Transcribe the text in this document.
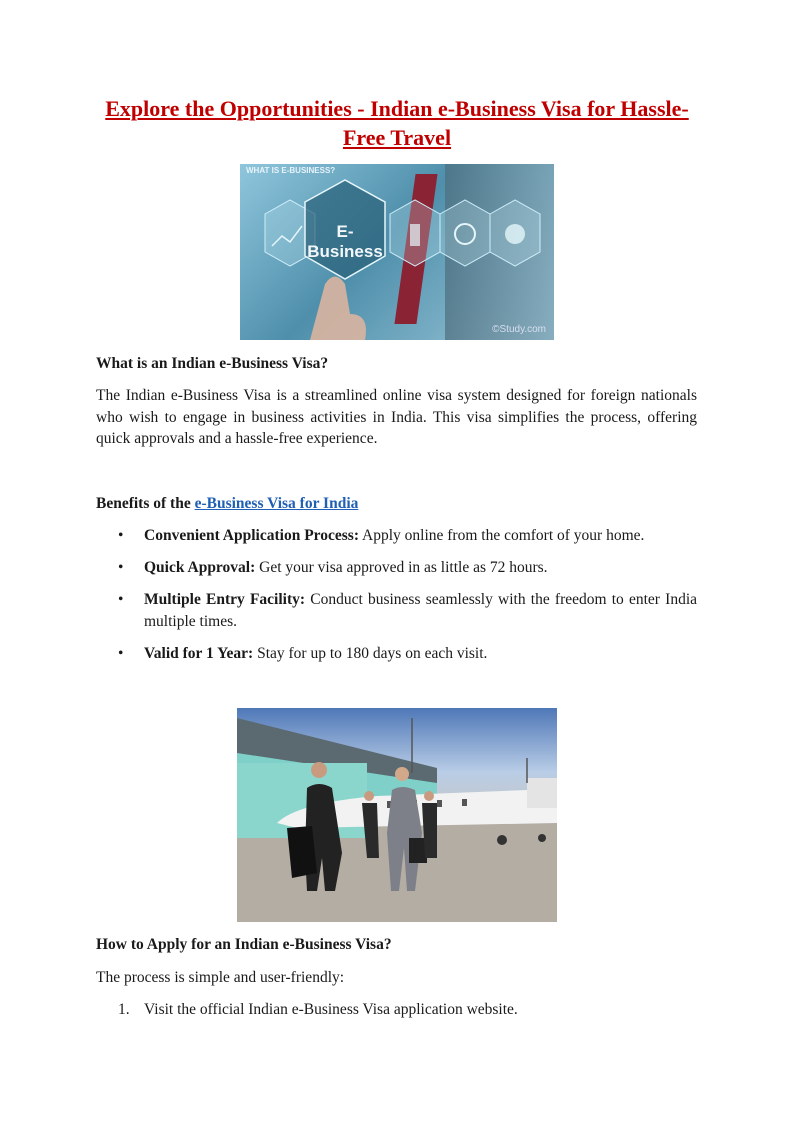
Explore the Opportunities - Indian e-Business Visa for Hassle-Free Travel
WHAT IS E-BUSINESS?
E-Business
©Study.com
What is an Indian e-Business Visa?
The Indian e-Business Visa is a streamlined online visa system designed for foreign nationals who wish to engage in business activities in India. This visa simplifies the process, offering quick approvals and a hassle-free experience.
Benefits of the e-Business Visa for India
• Convenient Application Process: Apply online from the comfort of your home.
• Quick Approval: Get your visa approved in as little as 72 hours.
• Multiple Entry Facility: Conduct business seamlessly with the freedom to enter India multiple times.
• Valid for 1 Year: Stay for up to 180 days on each visit.
How to Apply for an Indian e-Business Visa?
The process is simple and user-friendly:
1. Visit the official Indian e-Business Visa application website.
